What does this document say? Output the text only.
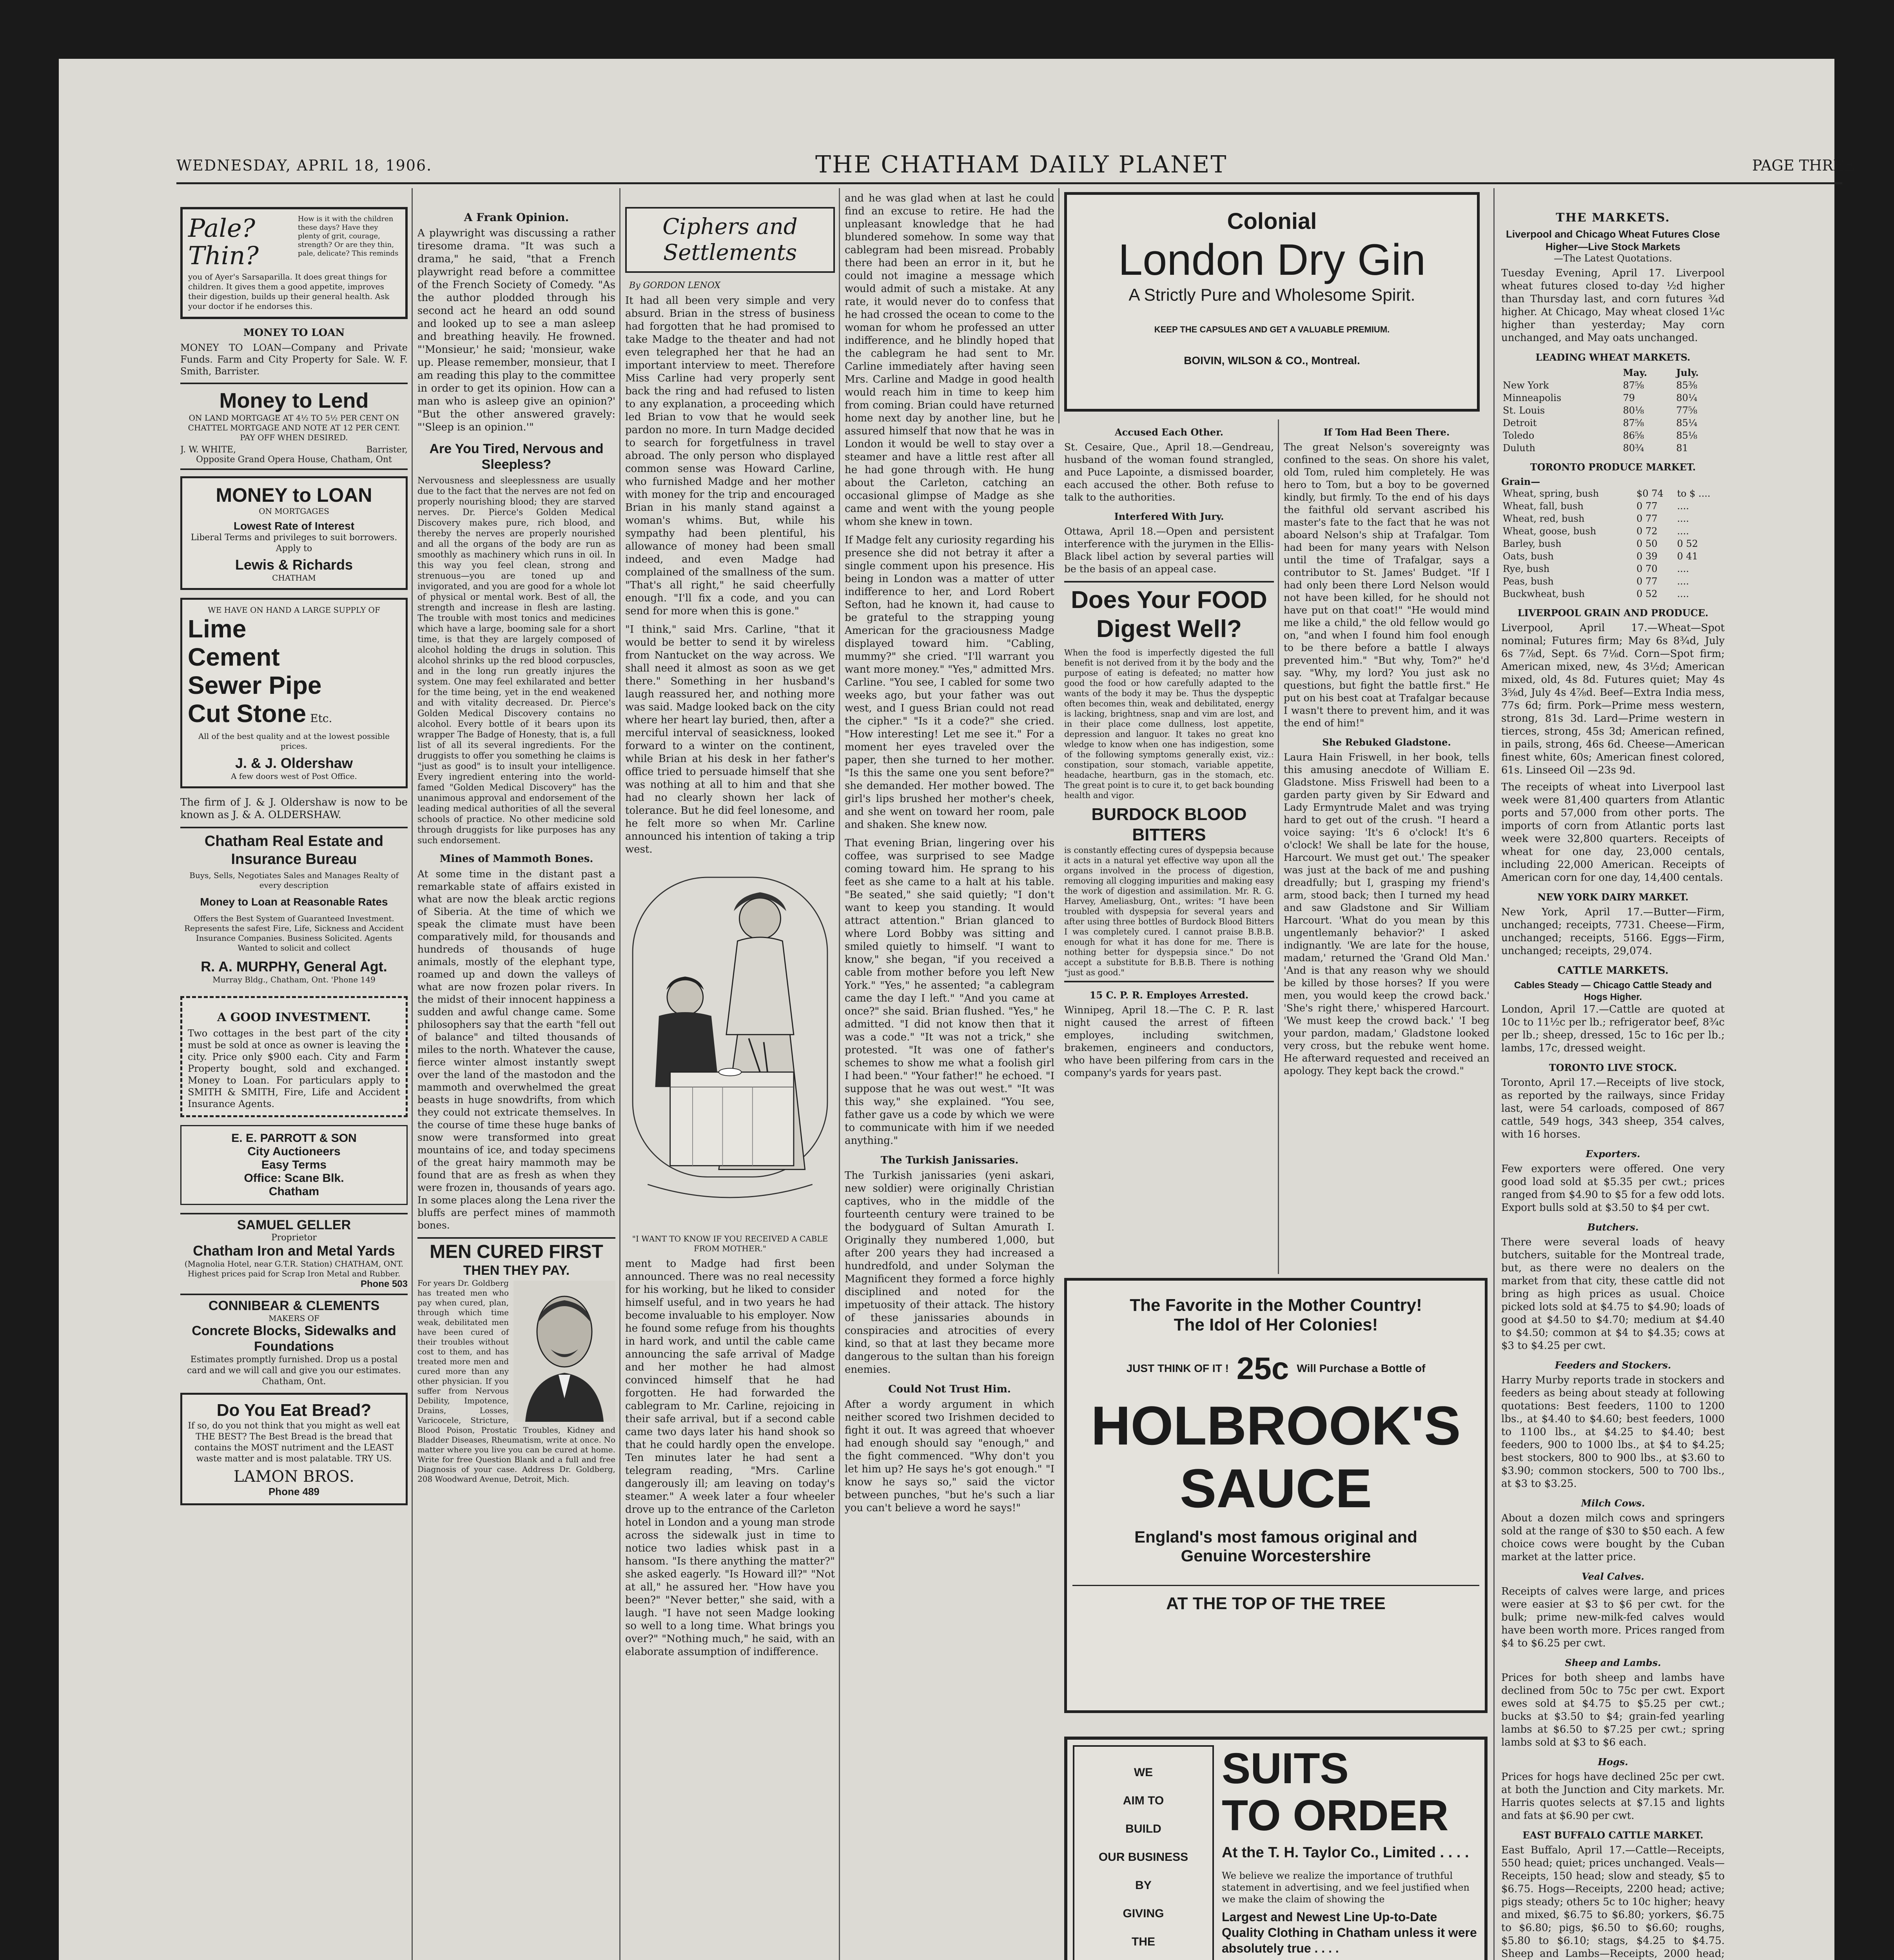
WEDNESDAY, APRIL 18, 1906.	THE CHATHAM DAILY PLANET	PAGE THREE
Pale? Thin?
How is it with the children these days? Have they plenty of grit, courage, strength? Or are they thin, pale, delicate? This reminds
you of Ayer's Sarsaparilla. It does great things for children. It gives them a good appetite, improves their digestion, builds up their general health. Ask your doctor if he endorses this.
MONEY TO LOAN
MONEY TO LOAN—Company and Private Funds. Farm and City Property for Sale. W. F. Smith, Barrister.
Money to Lend
ON LAND MORTGAGE AT 4½ TO 5½ PER CENT ON CHATTEL MORTGAGE AND NOTE AT 12 PER CENT. PAY OFF WHEN DESIRED.
J. W. WHITE,	Barrister,
Opposite Grand Opera House, Chatham, Ont
MONEY to LOAN
ON MORTGAGES
Lowest Rate of Interest
Liberal Terms and privileges to suit borrowers. Apply to
Lewis & Richards
CHATHAM
WE HAVE ON HAND A LARGE SUPPLY OF
Lime
Cement
Sewer Pipe
Cut Stone Etc.
All of the best quality and at the lowest possible prices.
J. & J. Oldershaw
A few doors west of Post Office.
The firm of J. & J. Oldershaw is now to be known as J. & A. OLDERSHAW.
Chatham Real Estate and Insurance Bureau
Buys, Sells, Negotiates Sales and Manages Realty of every description
Money to Loan at Reasonable Rates
Offers the Best System of Guaranteed Investment. Represents the safest Fire, Life, Sickness and Accident Insurance Companies. Business Solicited. Agents Wanted to solicit and collect
R. A. MURPHY, General Agt.
Murray Bldg., Chatham, Ont. 'Phone 149
A GOOD INVESTMENT.
Two cottages in the best part of the city must be sold at once as owner is leaving the city. Price only $900 each. City and Farm Property bought, sold and exchanged. Money to Loan. For particulars apply to SMITH & SMITH, Fire, Life and Accident Insurance Agents.
E. E. PARROTT & SON
City Auctioneers
Easy Terms
Office: Scane Blk.
Chatham
SAMUEL GELLER
Proprietor
Chatham Iron and Metal Yards
(Magnolia Hotel, near G.T.R. Station) CHATHAM, ONT. Highest prices paid for Scrap Iron Metal and Rubber.
Phone 503
CONNIBEAR & CLEMENTS
MAKERS OF
Concrete Blocks, Sidewalks and Foundations
Estimates promptly furnished. Drop us a postal card and we will call and give you our estimates. Chatham, Ont.
Do You Eat Bread?
If so, do you not think that you might as well eat THE BEST? The Best Bread is the bread that contains the MOST nutriment and the LEAST waste matter and is most palatable. TRY US.
LAMON BROS.
Phone 489
A Frank Opinion.
A playwright was discussing a rather tiresome drama. "It was such a drama," he said, "that a French playwright read before a committee of the French Society of Comedy. "As the author plodded through his second act he heard an odd sound and looked up to see a man asleep and breathing heavily. He frowned. "'Monsieur,' he said; 'monsieur, wake up. Please remember, monsieur, that I am reading this play to the committee in order to get its opinion. How can a man who is asleep give an opinion?' "But the other answered gravely: "'Sleep is an opinion.'"
Are You Tired, Nervous and Sleepless?
Nervousness and sleeplessness are usually due to the fact that the nerves are not fed on properly nourishing blood; they are starved nerves. Dr. Pierce's Golden Medical Discovery makes pure, rich blood, and thereby the nerves are properly nourished and all the organs of the body are run as smoothly as machinery which runs in oil. In this way you feel clean, strong and strenuous—you are toned up and invigorated, and you are good for a whole lot of physical or mental work. Best of all, the strength and increase in flesh are lasting. The trouble with most tonics and medicines which have a large, booming sale for a short time, is that they are largely composed of alcohol holding the drugs in solution. This alcohol shrinks up the red blood corpuscles, and in the long run greatly injures the system. One may feel exhilarated and better for the time being, yet in the end weakened and with vitality decreased. Dr. Pierce's Golden Medical Discovery contains no alcohol. Every bottle of it bears upon its wrapper The Badge of Honesty, that is, a full list of all its several ingredients. For the druggists to offer you something he claims is "just as good" is to insult your intelligence. Every ingredient entering into the world-famed "Golden Medical Discovery" has the unanimous approval and endorsement of the leading medical authorities of all the several schools of practice. No other medicine sold through druggists for like purposes has any such endorsement.
Mines of Mammoth Bones.
At some time in the distant past a remarkable state of affairs existed in what are now the bleak arctic regions of Siberia. At the time of which we speak the climate must have been comparatively mild, for thousands and hundreds of thousands of huge animals, mostly of the elephant type, roamed up and down the valleys of what are now frozen polar rivers. In the midst of their innocent happiness a sudden and awful change came. Some philosophers say that the earth "fell out of balance" and tilted thousands of miles to the north. Whatever the cause, fierce winter almost instantly swept over the land of the mastodon and the mammoth and overwhelmed the great beasts in huge snowdrifts, from which they could not extricate themselves. In the course of time these huge banks of snow were transformed into great mountains of ice, and today specimens of the great hairy mammoth may be found that are as fresh as when they were frozen in, thousands of years ago. In some places along the Lena river the bluffs are perfect mines of mammoth bones.
MEN CURED FIRST
THEN THEY PAY.
For years Dr. Goldberg has treated men who pay when cured, plan, through which time weak, debilitated men have been cured of their troubles without cost to them, and has treated more men and cured more than any other physician. If you suffer from Nervous Debility, Impotence, Drains, Losses, Varicocele, Stricture, Blood Poison, Prostatic Troubles, Kidney and Bladder Diseases, Rheumatism, write at once. No matter where you live you can be cured at home. Write for free Question Blank and a full and free Diagnosis of your case. Address Dr. Goldberg, 208 Woodward Avenue, Detroit, Mich.
Ciphers and Settlements
By GORDON LENOX
It had all been very simple and very absurd. Brian in the stress of business had forgotten that he had promised to take Madge to the theater and had not even telegraphed her that he had an important interview to meet. Therefore Miss Carline had very properly sent back the ring and had refused to listen to any explanation, a proceeding which led Brian to vow that he would seek pardon no more. In turn Madge decided to search for forgetfulness in travel abroad. The only person who displayed common sense was Howard Carline, who furnished Madge and her mother with money for the trip and encouraged Brian in his manly stand against a woman's whims. But, while his sympathy had been plentiful, his allowance of money had been small indeed, and even Madge had complained of the smallness of the sum. "That's all right," he said cheerfully enough. "I'll fix a code, and you can send for more when this is gone."
"I think," said Mrs. Carline, "that it would be better to send it by wireless from Nantucket on the way across. We shall need it almost as soon as we get there." Something in her husband's laugh reassured her, and nothing more was said. Madge looked back on the city where her heart lay buried, then, after a merciful interval of seasickness, looked forward to a winter on the continent, while Brian at his desk in her father's office tried to persuade himself that she was nothing at all to him and that she had no clearly shown her lack of tolerance. But he did feel lonesome, and he felt more so when Mr. Carline announced his intention of taking a trip west.
"I WANT TO KNOW IF YOU RECEIVED A CABLE FROM MOTHER."
ment to Madge had first been announced. There was no real necessity for his working, but he liked to consider himself useful, and in two years he had become invaluable to his employer. Now he found some refuge from his thoughts in hard work, and until the cable came announcing the safe arrival of Madge and her mother he had almost convinced himself that he had forgotten. He had forwarded the cablegram to Mr. Carline, rejoicing in their safe arrival, but if a second cable came two days later his hand shook so that he could hardly open the envelope. Ten minutes later he had sent a telegram reading, "Mrs. Carline dangerously ill; am leaving on today's steamer." A week later a four wheeler drove up to the entrance of the Carleton hotel in London and a young man strode across the sidewalk just in time to notice two ladies whisk past in a hansom. "Is there anything the matter?" she asked eagerly. "Is Howard ill?" "Not at all," he assured her. "How have you been?" "Never better," she said, with a laugh. "I have not seen Madge looking so well to a long time. What brings you over?" "Nothing much," he said, with an elaborate assumption of indifference.
and he was glad when at last he could find an excuse to retire. He had the unpleasant knowledge that he had blundered somehow. In some way that cablegram had been misread. Probably there had been an error in it, but he could not imagine a message which would admit of such a mistake. At any rate, it would never do to confess that he had crossed the ocean to come to the woman for whom he professed an utter indifference, and he blindly hoped that the cablegram he had sent to Mr. Carline immediately after having seen Mrs. Carline and Madge in good health would reach him in time to keep him from coming. Brian could have returned home next day by another line, but he assured himself that now that he was in London it would be well to stay over a steamer and have a little rest after all he had gone through with. He hung about the Carleton, catching an occasional glimpse of Madge as she came and went with the young people whom she knew in town.
If Madge felt any curiosity regarding his presence she did not betray it after a single comment upon his presence. His being in London was a matter of utter indifference to her, and Lord Robert Sefton, had he known it, had cause to be grateful to the strapping young American for the graciousness Madge displayed toward him. "Cabling, mummy?" she cried. "I'll warrant you want more money." "Yes," admitted Mrs. Carline. "You see, I cabled for some two weeks ago, but your father was out west, and I guess Brian could not read the cipher." "Is it a code?" she cried. "How interesting! Let me see it." For a moment her eyes traveled over the paper, then she turned to her mother. "Is this the same one you sent before?" she demanded. Her mother bowed. The girl's lips brushed her mother's cheek, and she went on toward her room, pale and shaken. She knew now.
That evening Brian, lingering over his coffee, was surprised to see Madge coming toward him. He sprang to his feet as she came to a halt at his table. "Be seated," she said quietly; "I don't want to keep you standing. It would attract attention." Brian glanced to where Lord Bobby was sitting and smiled quietly to himself. "I want to know," she began, "if you received a cable from mother before you left New York." "Yes," he assented; "a cablegram came the day I left." "And you came at once?" she said. Brian flushed. "Yes," he admitted. "I did not know then that it was a code." "It was not a trick," she protested. "It was one of father's schemes to show me what a foolish girl I had been." "Your father!" he echoed. "I suppose that he was out west." "It was this way," she explained. "You see, father gave us a code by which we were to communicate with him if we needed anything."
The Turkish Janissaries.
The Turkish janissaries (yeni askari, new soldier) were originally Christian captives, who in the middle of the fourteenth century were trained to be the bodyguard of Sultan Amurath I. Originally they numbered 1,000, but after 200 years they had increased a hundredfold, and under Solyman the Magnificent they formed a force highly disciplined and noted for the impetuosity of their attack. The history of these janissaries abounds in conspiracies and atrocities of every kind, so that at last they became more dangerous to the sultan than his foreign enemies.
Could Not Trust Him.
After a wordy argument in which neither scored two Irishmen decided to fight it out. It was agreed that whoever had enough should say "enough," and the fight commenced. "Why don't you let him up? He says he's got enough." "I know he says so," said the victor between punches, "but he's such a liar you can't believe a word he says!"
Colonial
London Dry Gin
A Strictly Pure and Wholesome Spirit.
KEEP THE CAPSULES AND GET A VALUABLE PREMIUM.
BOIVIN, WILSON & CO., Montreal.
Accused Each Other.
St. Cesaire, Que., April 18.—Gendreau, husband of the woman found strangled, and Puce Lapointe, a dismissed boarder, each accused the other. Both refuse to talk to the authorities.
Interfered With Jury.
Ottawa, April 18.—Open and persistent interference with the jurymen in the Ellis-Black libel action by several parties will be the basis of an appeal case.
Does Your FOOD Digest Well?
When the food is imperfectly digested the full benefit is not derived from it by the body and the purpose of eating is defeated; no matter how good the food or how carefully adapted to the wants of the body it may be. Thus the dyspeptic often becomes thin, weak and debilitated, energy is lacking, brightness, snap and vim are lost, and in their place come dullness, lost appetite, depression and languor. It takes no great kno wledge to know when one has indigestion, some of the following symptoms generally exist, viz.: constipation, sour stomach, variable appetite, headache, heartburn, gas in the stomach, etc. The great point is to cure it, to get back bounding health and vigor.
BURDOCK BLOOD BITTERS
is constantly effecting cures of dyspepsia because it acts in a natural yet effective way upon all the organs involved in the process of digestion, removing all clogging impurities and making easy the work of digestion and assimilation. Mr. R. G. Harvey, Ameliasburg, Ont., writes: "I have been troubled with dyspepsia for several years and after using three bottles of Burdock Blood Bitters I was completely cured. I cannot praise B.B.B. enough for what it has done for me. There is nothing better for dyspepsia since." Do not accept a substitute for B.B.B. There is nothing "just as good."
15 C. P. R. Employes Arrested.
Winnipeg, April 18.—The C. P. R. last night caused the arrest of fifteen employes, including switchmen, brakemen, engineers and conductors, who have been pilfering from cars in the company's yards for years past.
If Tom Had Been There.
The great Nelson's sovereignty was confined to the seas. On shore his valet, old Tom, ruled him completely. He was hero to Tom, but a boy to be governed kindly, but firmly. To the end of his days the faithful old servant ascribed his master's fate to the fact that he was not aboard Nelson's ship at Trafalgar. Tom had been for many years with Nelson until the time of Trafalgar, says a contributor to St. James' Budget. "If I had only been there Lord Nelson would not have been killed, for he should not have put on that coat!" "He would mind me like a child," the old fellow would go on, "and when I found him fool enough to be there before a battle I always prevented him." "But why, Tom?" he'd say. "Why, my lord? You just ask no questions, but fight the battle first." He put on his best coat at Trafalgar because I wasn't there to prevent him, and it was the end of him!"
She Rebuked Gladstone.
Laura Hain Friswell, in her book, tells this amusing anecdote of William E. Gladstone. Miss Friswell had been to a garden party given by Sir Edward and Lady Ermyntrude Malet and was trying hard to get out of the crush. "I heard a voice saying: 'It's 6 o'clock! It's 6 o'clock! We shall be late for the house, Harcourt. We must get out.' The speaker was just at the back of me and pushing dreadfully; but I, grasping my friend's arm, stood back; then I turned my head and saw Gladstone and Sir William Harcourt. 'What do you mean by this ungentlemanly behavior?' I asked indignantly. 'We are late for the house, madam,' returned the 'Grand Old Man.' 'And is that any reason why we should be killed by those horses? If you were men, you would keep the crowd back.' 'She's right there,' whispered Harcourt. 'We must keep the crowd back.' 'I beg your pardon, madam,' Gladstone looked very cross, but the rebuke went home. He afterward requested and received an apology. They kept back the crowd."
The Favorite in the Mother Country!
The Idol of Her Colonies!
JUST THINK OF IT ! 25c Will Purchase a Bottle of
HOLBROOK'S
SAUCE
England's most famous original and
Genuine Worcestershire
AT THE TOP OF THE TREE
WE
AIM TO
BUILD
OUR BUSINESS
BY
GIVING
THE
SUITS
TO ORDER
At the T. H. Taylor Co., Limited . . . .
We believe we realize the importance of truthful statement in advertising, and we feel justified when we make the claim of showing the
Largest and Newest Line Up-to-Date Quality Clothing in Chatham unless it were absolutely true . . . .
THE MARKETS.
Liverpool and Chicago Wheat Futures Close Higher—Live Stock Markets
—The Latest Quotations.
Tuesday Evening, April 17. Liverpool wheat futures closed to-day ½d higher than Thursday last, and corn futures ¾d higher. At Chicago, May wheat closed 1¼c higher than yesterday; May corn unchanged, and May oats unchanged.
LEADING WHEAT MARKETS.
	May.	July.
New York	87⅝	85⅜
Minneapolis	79	80¼
St. Louis	80⅛	77⅝
Detroit	87⅝	85¼
Toledo	86⅝	85⅛
Duluth	80¾	81
TORONTO PRODUCE MARKET.
Grain—
Wheat, spring, bush	$0 74	to $ ....
Wheat, fall, bush	0 77	....
Wheat, red, bush	0 77	....
Wheat, goose, bush	0 72	....
Barley, bush	0 50	0 52
Oats, bush	0 39	0 41
Rye, bush	0 70	....
Peas, bush	0 77	....
Buckwheat, bush	0 52	....
LIVERPOOL GRAIN AND PRODUCE.
Liverpool, April 17.—Wheat—Spot nominal; Futures firm; May 6s 8¾d, July 6s 7⅞d, Sept. 6s 7⅛d. Corn—Spot firm; American mixed, new, 4s 3½d; American mixed, old, 4s 8d. Futures quiet; May 4s 3⅝d, July 4s 4⅞d. Beef—Extra India mess, 77s 6d; firm. Pork—Prime mess western, strong, 81s 3d. Lard—Prime western in tierces, strong, 45s 3d; American refined, in pails, strong, 46s 6d. Cheese—American finest white, 60s; American finest colored, 61s. Linseed Oil —23s 9d.
The receipts of wheat into Liverpool last week were 81,400 quarters from Atlantic ports and 57,000 from other ports. The imports of corn from Atlantic ports last week were 32,800 quarters. Receipts of wheat for one day, 23,000 centals, including 22,000 American. Receipts of American corn for one day, 14,400 centals.
NEW YORK DAIRY MARKET.
New York, April 17.—Butter—Firm, unchanged; receipts, 7731. Cheese—Firm, unchanged; receipts, 5166. Eggs—Firm, unchanged; receipts, 29,074.
CATTLE MARKETS.
Cables Steady — Chicago Cattle Steady and Hogs Higher.
London, April 17.—Cattle are quoted at 10c to 11½c per lb.; refrigerator beef, 8¾c per lb.; sheep, dressed, 15c to 16c per lb.; lambs, 17c, dressed weight.
TORONTO LIVE STOCK.
Toronto, April 17.—Receipts of live stock, as reported by the railways, since Friday last, were 54 carloads, composed of 867 cattle, 549 hogs, 343 sheep, 354 calves, with 16 horses.
Exporters.
Few exporters were offered. One very good load sold at $5.35 per cwt.; prices ranged from $4.90 to $5 for a few odd lots. Export bulls sold at $3.50 to $4 per cwt.
Butchers.
There were several loads of heavy butchers, suitable for the Montreal trade, but, as there were no dealers on the market from that city, these cattle did not bring as high prices as usual. Choice picked lots sold at $4.75 to $4.90; loads of good at $4.50 to $4.70; medium at $4.40 to $4.50; common at $4 to $4.35; cows at $3 to $4.25 per cwt.
Feeders and Stockers.
Harry Murby reports trade in stockers and feeders as being about steady at following quotations: Best feeders, 1100 to 1200 lbs., at $4.40 to $4.60; best feeders, 1000 to 1100 lbs., at $4.25 to $4.40; best feeders, 900 to 1000 lbs., at $4 to $4.25; best stockers, 800 to 900 lbs., at $3.60 to $3.90; common stockers, 500 to 700 lbs., at $3 to $3.25.
Milch Cows.
About a dozen milch cows and springers sold at the range of $30 to $50 each. A few choice cows were bought by the Cuban market at the latter price.
Veal Calves.
Receipts of calves were large, and prices were easier at $3 to $6 per cwt. for the bulk; prime new-milk-fed calves would have been worth more. Prices ranged from $4 to $6.25 per cwt.
Sheep and Lambs.
Prices for both sheep and lambs have declined from 50c to 75c per cwt. Export ewes sold at $4.75 to $5.25 per cwt.; bucks at $3.50 to $4; grain-fed yearling lambs at $6.50 to $7.25 per cwt.; spring lambs sold at $3 to $6 each.
Hogs.
Prices for hogs have declined 25c per cwt. at both the Junction and City markets. Mr. Harris quotes selects at $7.15 and lights and fats at $6.90 per cwt.
EAST BUFFALO CATTLE MARKET.
East Buffalo, April 17.—Cattle—Receipts, 550 head; quiet; prices unchanged. Veals—Receipts, 150 head; slow and steady, $5 to $6.75. Hogs—Receipts, 2200 head; active; pigs steady; others 5c to 10c higher; heavy and mixed, $6.75 to $6.80; yorkers, $6.75 to $6.80; pigs, $6.50 to $6.60; roughs, $5.80 to $6.10; stags, $4.25 to $4.75. Sheep and Lambs—Receipts, 2000 head;
